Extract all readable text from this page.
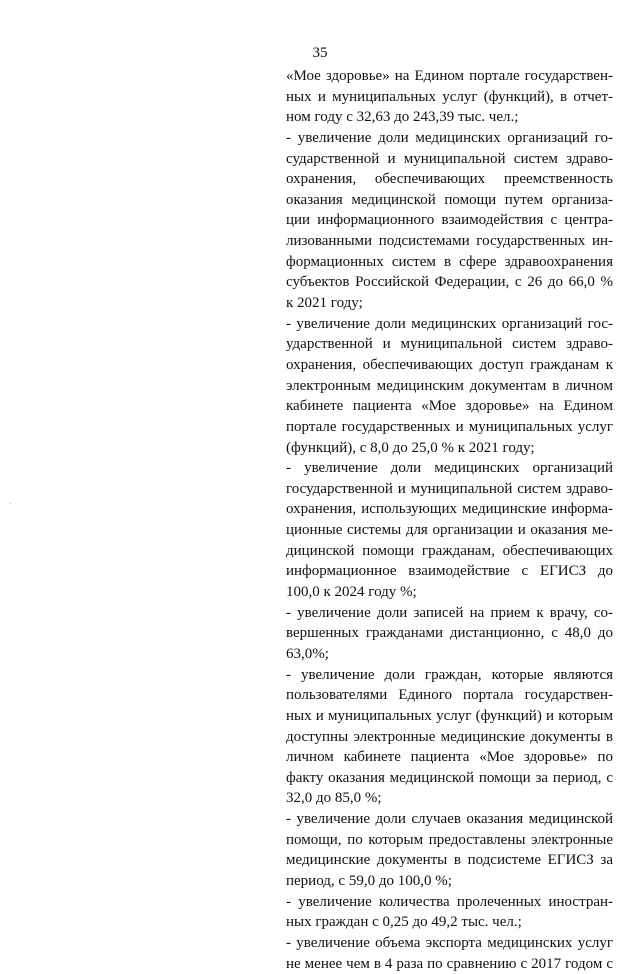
35
«Мое здоровье» на Едином портале государствен-
ных и муниципальных услуг (функций), в отчет-
ном году с 32,63 до 243,39 тыс. чел.;
- увеличение доли медицинских организаций го-
сударственной и муниципальной систем здраво-
охранения, обеспечивающих преемственность
оказания медицинской помощи путем организа-
ции информационного взаимодействия с центра-
лизованными подсистемами государственных ин-
формационных систем в сфере здравоохранения
субъектов Российской Федерации, с 26 до 66,0 %
к 2021 году;
- увеличение доли медицинских организаций гос-
ударственной и муниципальной систем здраво-
охранения, обеспечивающих доступ гражданам к
электронным медицинским документам в личном
кабинете пациента «Мое здоровье» на Едином
портале государственных и муниципальных услуг
(функций), с 8,0 до 25,0 % к 2021 году;
- увеличение доли медицинских организаций
государственной и муниципальной систем здраво-
охранения, использующих медицинские информа-
ционные системы для организации и оказания ме-
дицинской помощи гражданам, обеспечивающих
информационное взаимодействие с ЕГИСЗ до
100,0 к 2024 году %;
- увеличение доли записей на прием к врачу, со-
вершенных гражданами дистанционно, с 48,0 до
63,0%;
- увеличение доли граждан, которые являются
пользователями Единого портала государствен-
ных и муниципальных услуг (функций) и которым
доступны электронные медицинские документы в
личном кабинете пациента «Мое здоровье» по
факту оказания медицинской помощи за период, с
32,0 до 85,0 %;
- увеличение доли случаев оказания медицинской
помощи, по которым предоставлены электронные
медицинские документы в подсистеме ЕГИСЗ за
период, с 59,0 до 100,0 %;
- увеличение количества пролеченных иностран-
ных граждан с 0,25 до 49,2 тыс. чел.;
- увеличение объема экспорта медицинских услуг
не менее чем в 4 раза по сравнению с 2017 годом с
